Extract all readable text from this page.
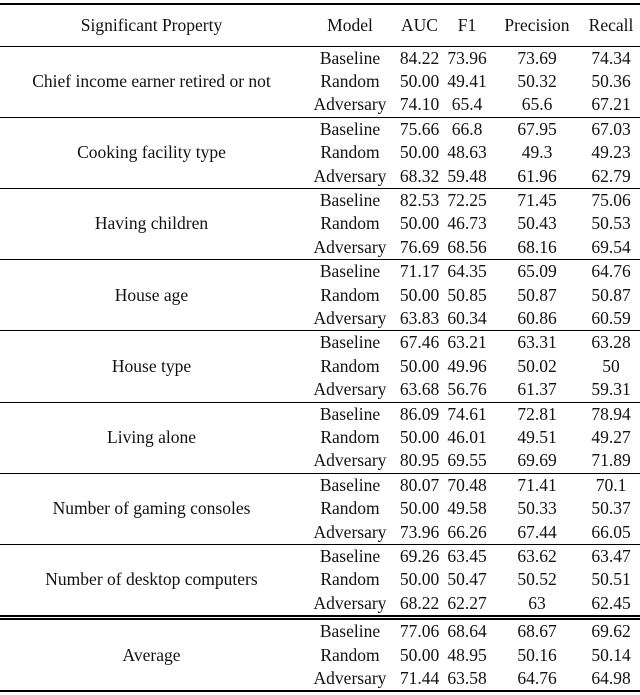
Significant Property	Model	AUC	F1	Precision	Recall
Chief income earner retired or not	Baseline	84.22	73.96	73.69	74.34
	Random	50.00	49.41	50.32	50.36
	Adversary	74.10	65.4	65.6	67.21
Cooking facility type	Baseline	75.66	66.8	67.95	67.03
	Random	50.00	48.63	49.3	49.23
	Adversary	68.32	59.48	61.96	62.79
Having children	Baseline	82.53	72.25	71.45	75.06
	Random	50.00	46.73	50.43	50.53
	Adversary	76.69	68.56	68.16	69.54
House age	Baseline	71.17	64.35	65.09	64.76
	Random	50.00	50.85	50.87	50.87
	Adversary	63.83	60.34	60.86	60.59
House type	Baseline	67.46	63.21	63.31	63.28
	Random	50.00	49.96	50.02	50
	Adversary	63.68	56.76	61.37	59.31
Living alone	Baseline	86.09	74.61	72.81	78.94
	Random	50.00	46.01	49.51	49.27
	Adversary	80.95	69.55	69.69	71.89
Number of gaming consoles	Baseline	80.07	70.48	71.41	70.1
	Random	50.00	49.58	50.33	50.37
	Adversary	73.96	66.26	67.44	66.05
Number of desktop computers	Baseline	69.26	63.45	63.62	63.47
	Random	50.00	50.47	50.52	50.51
	Adversary	68.22	62.27	63	62.45
Average	Baseline	77.06	68.64	68.67	69.62
	Random	50.00	48.95	50.16	50.14
	Adversary	71.44	63.58	64.76	64.98
